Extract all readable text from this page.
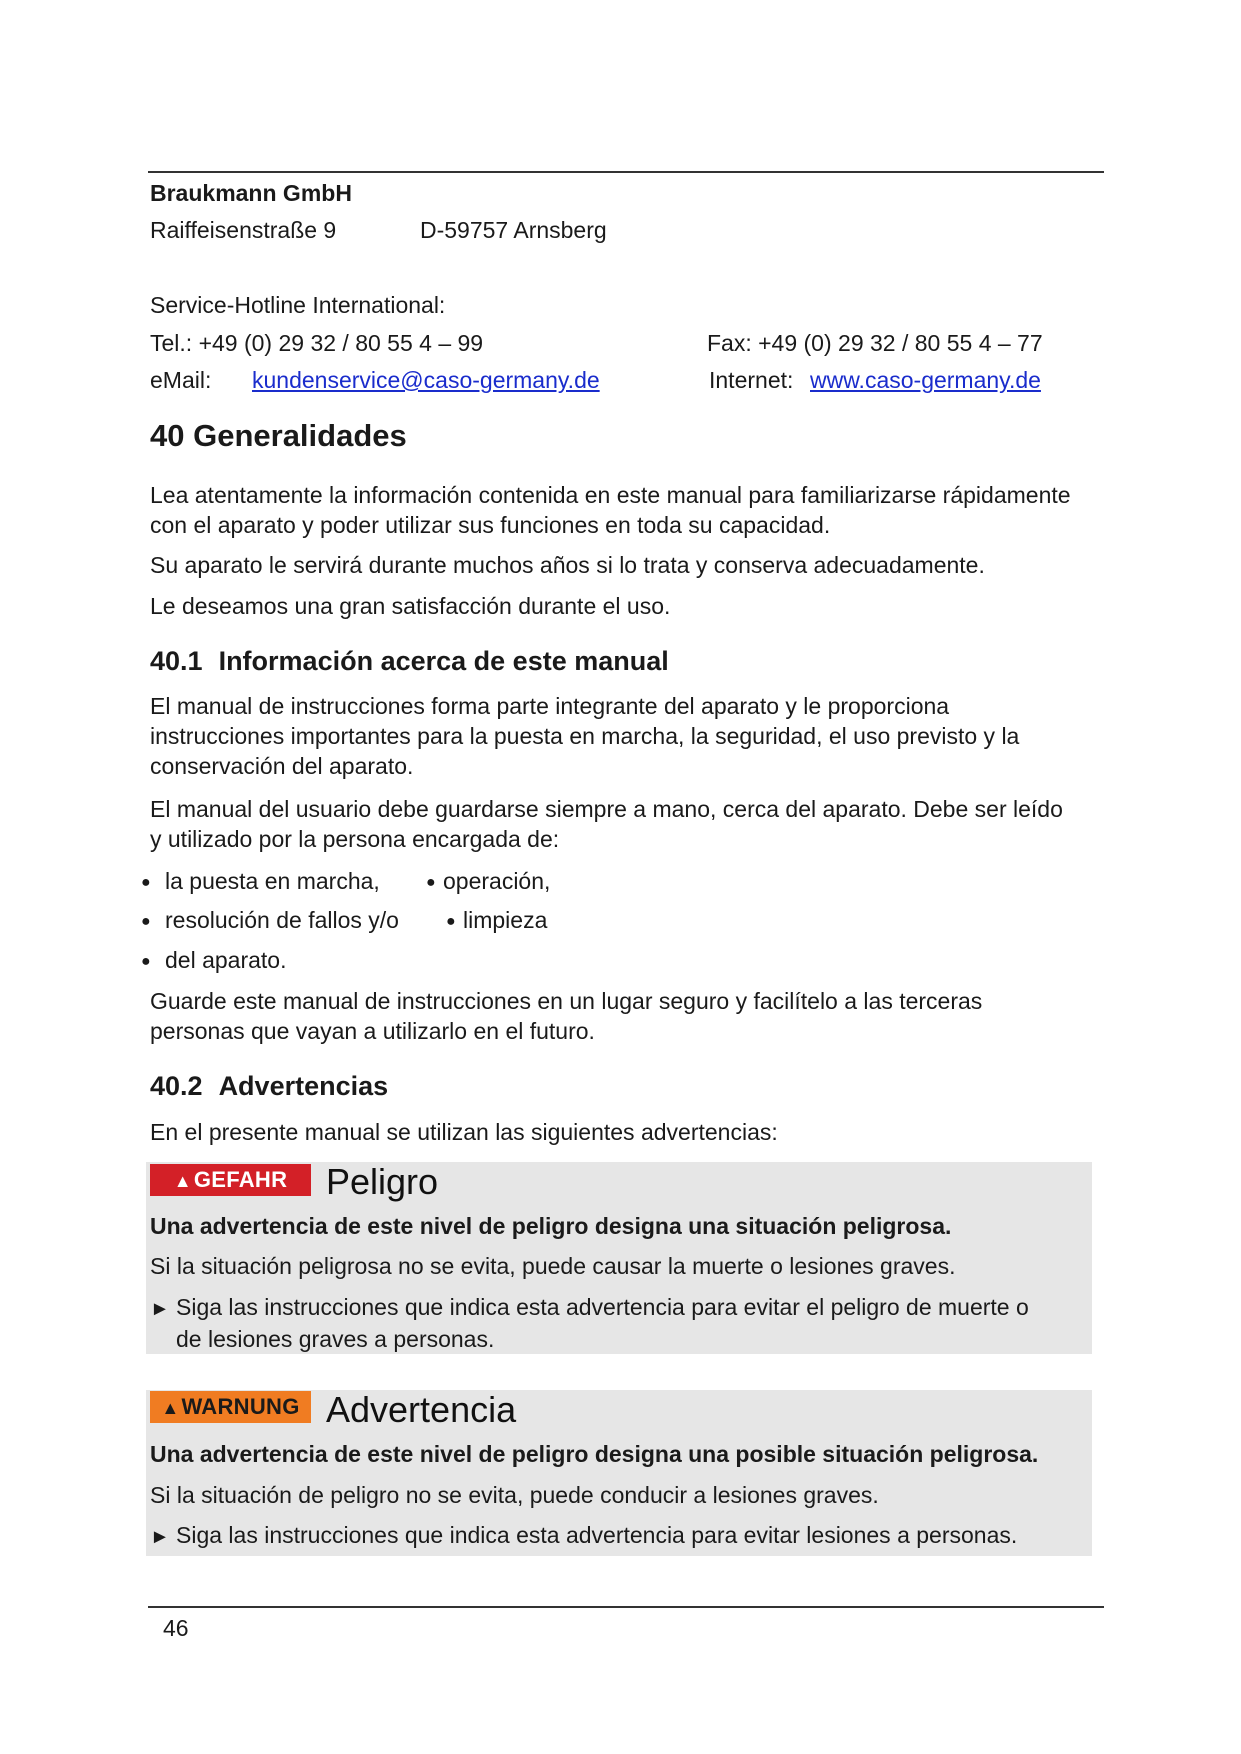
Braukmann GmbH
Raiffeisenstraße 9	D-59757 Arnsberg
Service-Hotline International:
Tel.: +49 (0) 29 32 / 80 55 4 – 99	Fax: +49 (0) 29 32 / 80 55 4 – 77
eMail: kundenservice@caso-germany.de	Internet: www.caso-germany.de
40 Generalidades
Lea atentamente la información contenida en este manual para familiarizarse rápidamente con el aparato y poder utilizar sus funciones en toda su capacidad.
Su aparato le servirá durante muchos años si lo trata y conserva adecuadamente.
Le deseamos una gran satisfacción durante el uso.
40.1 Información acerca de este manual
El manual de instrucciones forma parte integrante del aparato y le proporciona instrucciones importantes para la puesta en marcha, la seguridad, el uso previsto y la conservación del aparato.
El manual del usuario debe guardarse siempre a mano, cerca del aparato. Debe ser leído y utilizado por la persona encargada de:
● la puesta en marcha,	● operación,
● resolución de fallos y/o	● limpieza
● del aparato.
Guarde este manual de instrucciones en un lugar seguro y facilítelo a las terceras personas que vayan a utilizarlo en el futuro.
40.2 Advertencias
En el presente manual se utilizan las siguientes advertencias:
▲GEFAHR	Peligro
Una advertencia de este nivel de peligro designa una situación peligrosa.
Si la situación peligrosa no se evita, puede causar la muerte o lesiones graves.
► Siga las instrucciones que indica esta advertencia para evitar el peligro de muerte o
de lesiones graves a personas.
▲WARNUNG Advertencia
Una advertencia de este nivel de peligro designa una posible situación peligrosa.
Si la situación de peligro no se evita, puede conducir a lesiones graves.
► Siga las instrucciones que indica esta advertencia para evitar lesiones a personas.
46
